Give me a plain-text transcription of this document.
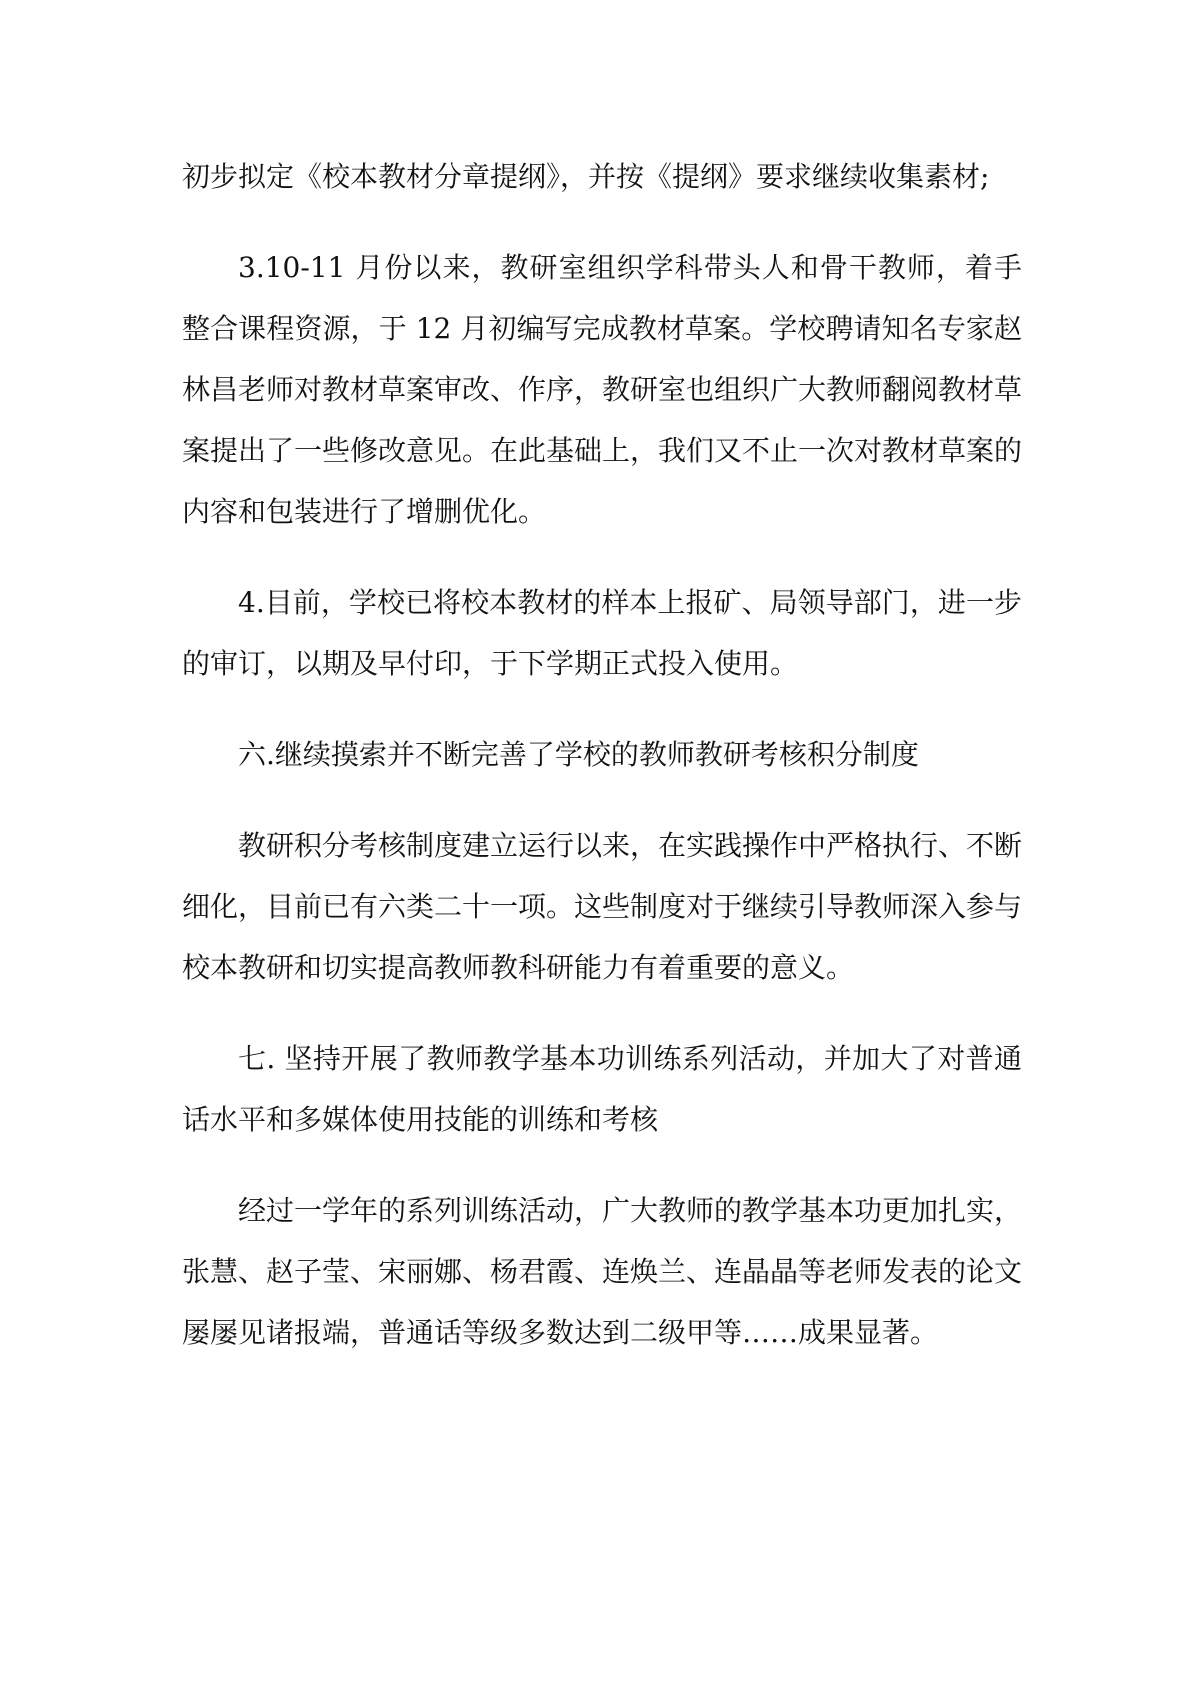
初步拟定《校本教材分章提纲》，并按《提纲》要求继续收集素材;

3.10-11 月份以来，教研室组织学科带头人和骨干教师，着手整合课程资源，于 12 月初编写完成教材草案。学校聘请知名专家赵林昌老师对教材草案审改、作序，教研室也组织广大教师翻阅教材草案提出了一些修改意见。在此基础上，我们又不止一次对教材草案的内容和包装进行了增删优化。

4.目前，学校已将校本教材的样本上报矿、局领导部门，进一步的审订，以期及早付印，于下学期正式投入使用。

六.继续摸索并不断完善了学校的教师教研考核积分制度

教研积分考核制度建立运行以来，在实践操作中严格执行、不断细化，目前已有六类二十一项。这些制度对于继续引导教师深入参与校本教研和切实提高教师教科研能力有着重要的意义。

七. 坚持开展了教师教学基本功训练系列活动，并加大了对普通话水平和多媒体使用技能的训练和考核

经过一学年的系列训练活动，广大教师的教学基本功更加扎实，张慧、赵子莹、宋丽娜、杨君霞、连焕兰、连晶晶等老师发表的论文屡屡见诸报端，普通话等级多数达到二级甲等……成果显著。
